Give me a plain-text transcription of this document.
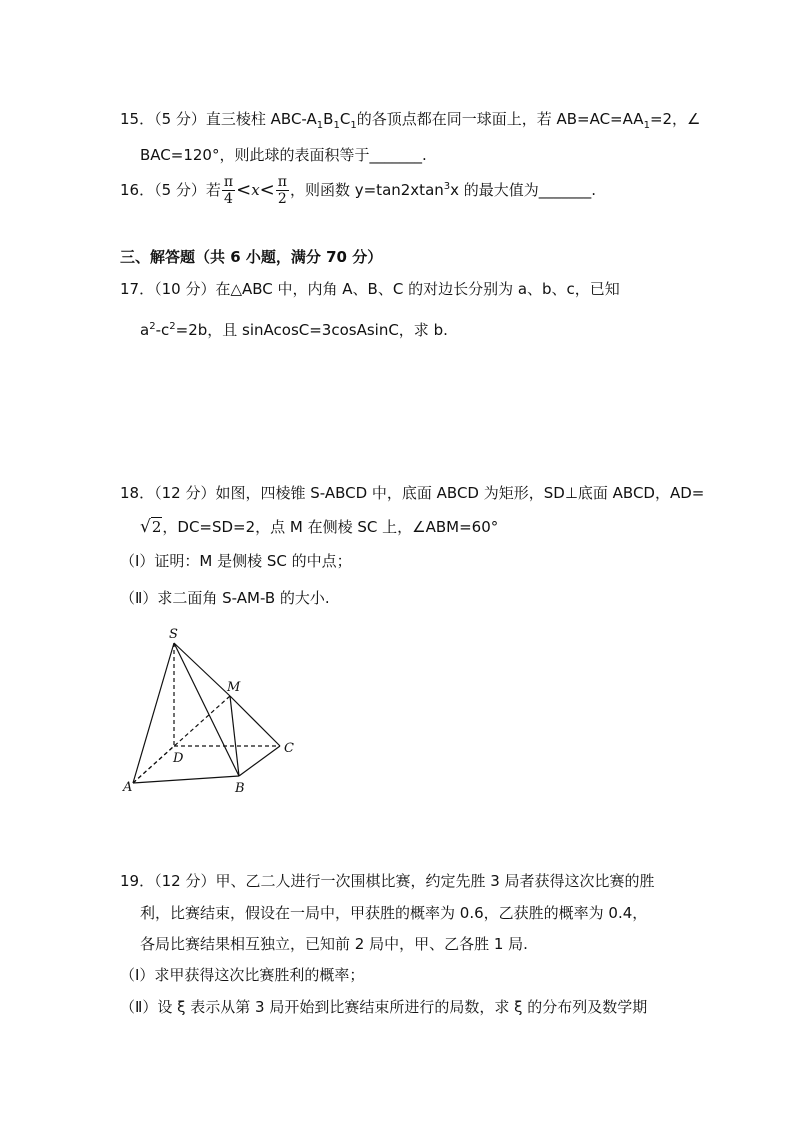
15．（5 分）直三棱柱 ABC-$A_1B_1C_1$的各顶点都在同一球面上，若 $AB=AC=AA_1=2$，∠
BAC=120°，则此球的表面积等于_______.
16．（5 分）若 $\frac{\pi}{4} <x< \frac{\pi}{2}$ ，则函数 y=tan2xtan$^3$x 的最大值为_______.
三、解答题（共 6 小题，满分 70 分）
17．（10 分）在△ABC 中，内角 A、B、C 的对边长分别为 a、b、c，已知
$a^2-c^2=2b$，且 sinAcosC=3cosAsinC，求 b.
18．（12 分）如图，四棱锥 S-ABCD 中，底面 ABCD 为矩形，SD⊥底面 ABCD，AD=
√2，DC=SD=2，点 M 在侧棱 SC 上，∠ABM=60°
（I）证明：M 是侧棱 SC 的中点；
（Ⅱ）求二面角 S-AM-B 的大小.
S
M
C
D
A	B
19．（12 分）甲、乙二人进行一次围棋比赛，约定先胜 3 局者获得这次比赛的胜
利，比赛结束，假设在一局中，甲获胜的概率为 0.6，乙获胜的概率为 0.4，
各局比赛结果相互独立，已知前 2 局中，甲、乙各胜 1 局.
（I）求甲获得这次比赛胜利的概率；
（Ⅱ）设 ξ 表示从第 3 局开始到比赛结束所进行的局数，求 ξ 的分布列及数学期
